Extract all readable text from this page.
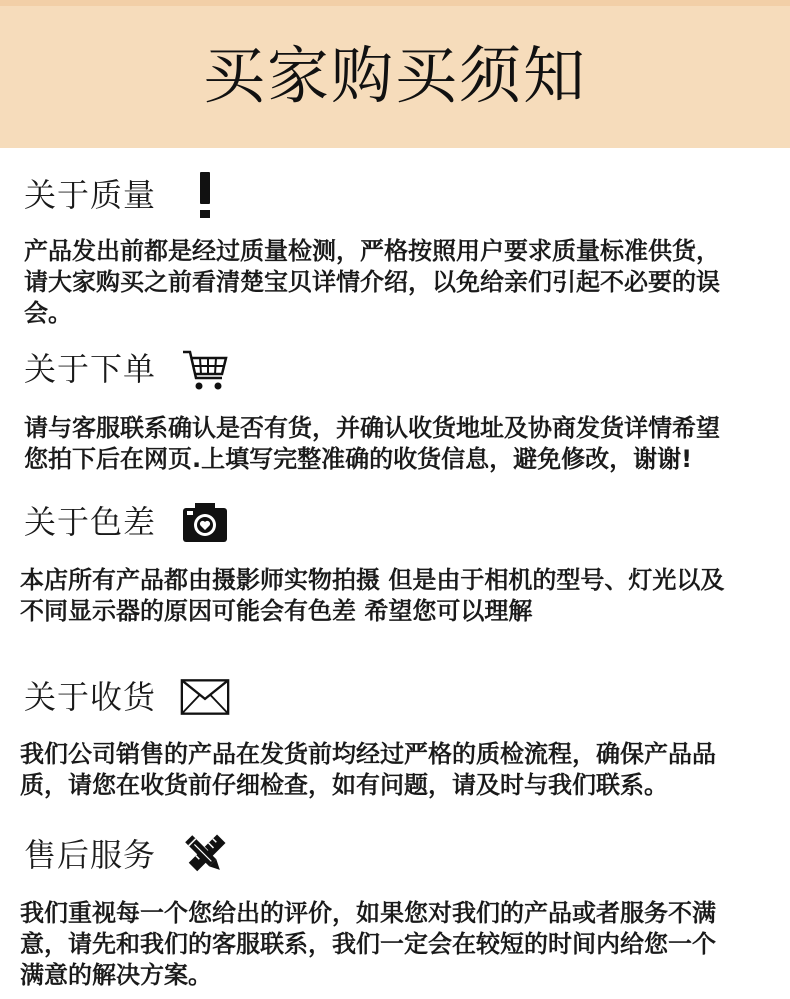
买家购买须知
关于质量
产品发出前都是经过质量检测，严格按照用户要求质量标准供货，
请大家购买之前看清楚宝贝详情介绍，以免给亲们引起不必要的误
会。
关于下单
请与客服联系确认是否有货，并确认收货地址及协商发货详情希望
您拍下后在网页.上填写完整准确的收货信息，避免修改，谢谢!
关于色差
本店所有产品都由摄影师实物拍摄 但是由于相机的型号、灯光以及
不同显示器的原因可能会有色差 希望您可以理解
关于收货
我们公司销售的产品在发货前均经过严格的质检流程，确保产品品
质，请您在收货前仔细检查，如有问题，请及时与我们联系。
售后服务
我们重视每一个您给出的评价，如果您对我们的产品或者服务不满
意，请先和我们的客服联系，我们一定会在较短的时间内给您一个
满意的解决方案。
